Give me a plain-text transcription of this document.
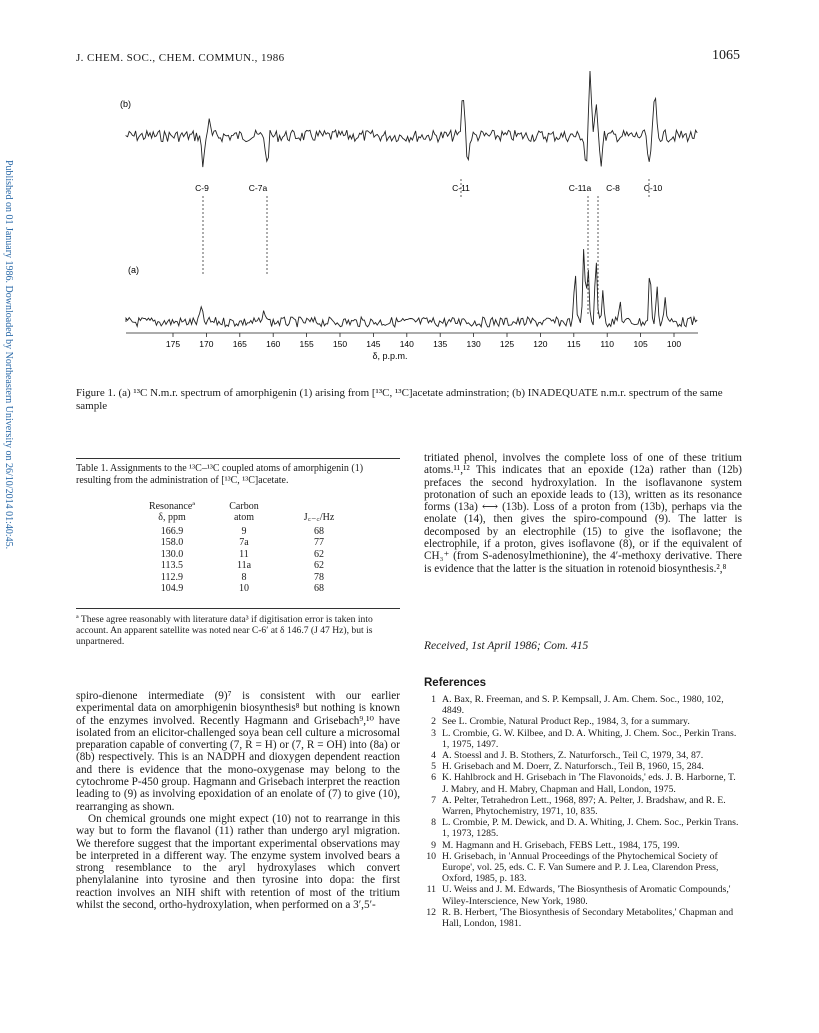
Published on 01 January 1986. Downloaded by Northeastern University on 26/10/2014 01:40:45.
J. CHEM. SOC., CHEM. COMMUN., 1986	1065
(b)
C-9	C-7a	C-11	C-11a C-8	C-10
(a)
175 170 165 160 155 150 145 140 135 130 125 120 115 110 105 100
δ, p.p.m.
Figure 1. (a) ¹³C N.m.r. spectrum of amorphigenin (1) arising from [¹³C, ¹³C]acetate adminstration; (b) INADEQUATE n.m.r. spectrum of the same sample
Table 1. Assignments to the ¹³C–¹³C coupled atoms of amorphigenin (1) resulting from the administration of [¹³C, ¹³C]acetate.
Resonanceª
δ, ppm
Carbon
atom	J꜀₋꜀/Hz
166.9	9	68
158.0	7a	77
130.0	11	62
113.5	11a	62
112.9	8	78
104.9	10	68
ª These agree reasonably with literature data³ if digitisation error is taken into account. An apparent satellite was noted near C-6′ at δ 146.7 (J 47 Hz), but is unpartnered.

spiro-dienone intermediate (9)⁷ is consistent with our earlier experimental data on amorphigenin biosynthesis⁸ but nothing is known of the enzymes involved. Recently Hagmann and Grisebach⁹,¹⁰ have isolated from an elicitor-challenged soya bean cell culture a microsomal preparation capable of converting (7, R = H) or (7, R = OH) into (8a) or (8b) respectively. This is an NADPH and dioxygen dependent reaction and there is evidence that the mono-oxygenase may belong to the cytochrome P-450 group. Hagmann and Grisebach interpret the reaction leading to (9) as involving epoxidation of an enolate of (7) to give (10), rearranging as shown.

On chemical grounds one might expect (10) not to rearrange in this way but to form the flavanol (11) rather than undergo aryl migration. We therefore suggest that the important experimental observations may be interpreted in a different way. The enzyme system involved bears a strong resemblance to the aryl hydroxylases which convert phenylalanine into tyrosine and then tyrosine into dopa: the first reaction involves an NIH shift with retention of most of the tritium whilst the second, ortho-hydroxylation, when performed on a 3′,5′-

tritiated phenol, involves the complete loss of one of these tritium atoms.¹¹,¹² This indicates that an epoxide (12a) rather than (12b) prefaces the second hydroxylation. In the isoflavanone system protonation of such an epoxide leads to (13), written as its resonance forms (13a) ⟷ (13b). Loss of a proton from (13b), perhaps via the enolate (14), then gives the spiro-compound (9). The latter is decomposed by an electrophile (15) to give the isoflavone; the electrophile, if a proton, gives isoflavone (8), or if the equivalent of CH₃⁺ (from S-adenosylmethionine), the 4′-methoxy derivative. There is evidence that the latter is the situation in rotenoid biosynthesis.²,⁸
Received, 1st April 1986; Com. 415
References
1 A. Bax, R. Freeman, and S. P. Kempsall, J. Am. Chem. Soc., 1980, 102, 4849.
2 See L. Crombie, Natural Product Rep., 1984, 3, for a summary.
3 L. Crombie, G. W. Kilbee, and D. A. Whiting, J. Chem. Soc., Perkin Trans. 1, 1975, 1497.
4 A. Stoessl and J. B. Stothers, Z. Naturforsch., Teil C, 1979, 34, 87.
5 H. Grisebach and M. Doerr, Z. Naturforsch., Teil B, 1960, 15, 284.
6 K. Hahlbrock and H. Grisebach in 'The Flavonoids,' eds. J. B. Harborne, T. J. Mabry, and H. Mabry, Chapman and Hall, London, 1975.
7 A. Pelter, Tetrahedron Lett., 1968, 897; A. Pelter, J. Bradshaw, and R. E. Warren, Phytochemistry, 1971, 10, 835.
8 L. Crombie, P. M. Dewick, and D. A. Whiting, J. Chem. Soc., Perkin Trans. 1, 1973, 1285.
9 M. Hagmann and H. Grisebach, FEBS Lett., 1984, 175, 199.
10 H. Grisebach, in 'Annual Proceedings of the Phytochemical Society of Europe', vol. 25, eds. C. F. Van Sumere and P. J. Lea, Clarendon Press, Oxford, 1985, p. 183.
11 U. Weiss and J. M. Edwards, 'The Biosynthesis of Aromatic Compounds,' Wiley-Interscience, New York, 1980.
12 R. B. Herbert, 'The Biosynthesis of Secondary Metabolites,' Chapman and Hall, London, 1981.
